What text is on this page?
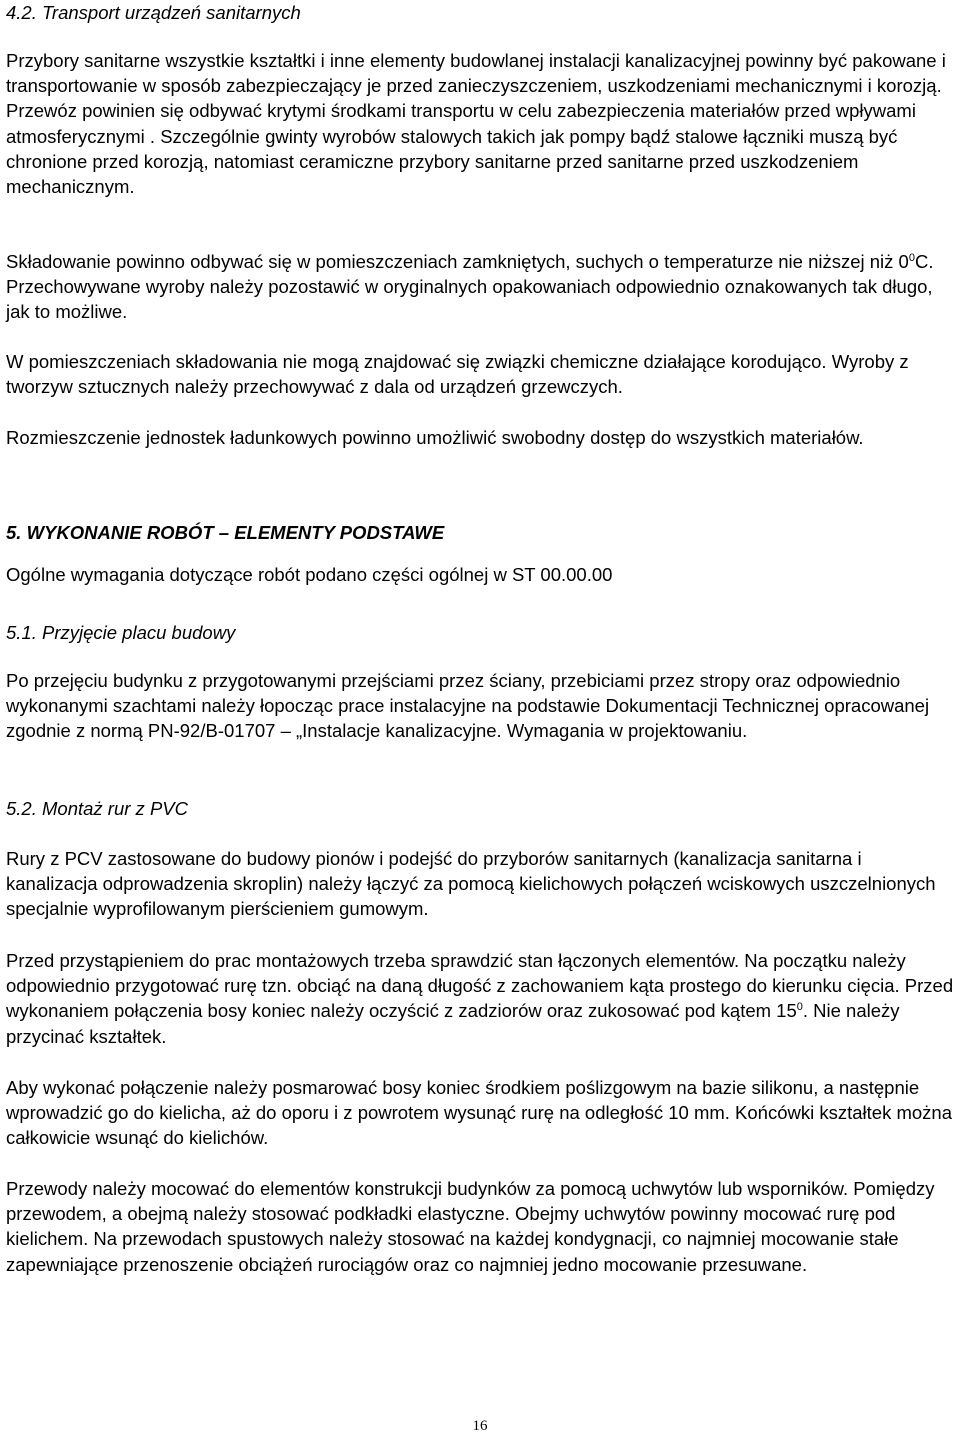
4.2. Transport urządzeń sanitarnych

Przybory sanitarne wszystkie kształtki i inne elementy budowlanej instalacji kanalizacyjnej powinny być pakowane i transportowanie w sposób zabezpieczający je przed zanieczyszczeniem, uszkodzeniami mechanicznymi i korozją. Przewóz powinien się odbywać krytymi środkami transportu w celu zabezpieczenia materiałów przed wpływami atmosferycznymi . Szczególnie gwinty wyrobów stalowych takich jak pompy bądź stalowe łączniki muszą być chronione przed korozją, natomiast ceramiczne przybory sanitarne przed sanitarne przed uszkodzeniem mechanicznym.

Składowanie powinno odbywać się w pomieszczeniach zamkniętych, suchych o temperaturze nie niższej niż $0^0C$. Przechowywane wyroby należy pozostawić w oryginalnych opakowaniach odpowiednio oznakowanych tak długo, jak to możliwe.

W pomieszczeniach składowania nie mogą znajdować się związki chemiczne działające korodująco. Wyroby z tworzyw sztucznych należy przechowywać z dala od urządzeń grzewczych.

Rozmieszczenie jednostek ładunkowych powinno umożliwić swobodny dostęp do wszystkich materiałów.

5. WYKONANIE ROBÓT – ELEMENTY PODSTAWE

Ogólne wymagania dotyczące robót podano części ogólnej w ST 00.00.00

5.1. Przyjęcie placu budowy

Po przejęciu budynku z przygotowanymi przejściami przez ściany, przebiciami przez stropy oraz odpowiednio wykonanymi szachtami należy łopocząc prace instalacyjne na podstawie Dokumentacji Technicznej opracowanej zgodnie z normą PN-92/B-01707 – „Instalacje kanalizacyjne. Wymagania w projektowaniu.

5.2. Montaż rur z PVC

Rury z PCV zastosowane do budowy pionów i podejść do przyborów sanitarnych (kanalizacja sanitarna i kanalizacja odprowadzenia skroplin) należy łączyć za pomocą kielichowych połączeń wciskowych uszczelnionych specjalnie wyprofilowanym pierścieniem gumowym.

Przed przystąpieniem do prac montażowych trzeba sprawdzić stan łączonych elementów. Na początku należy odpowiednio przygotować rurę tzn. obciąć na daną długość z zachowaniem kąta prostego do kierunku cięcia. Przed wykonaniem połączenia bosy koniec należy oczyścić z zadziorów oraz zukosować pod kątem $15^0$. Nie należy przycinać kształtek.

Aby wykonać połączenie należy posmarować bosy koniec środkiem poślizgowym na bazie silikonu, a następnie wprowadzić go do kielicha, aż do oporu i z powrotem wysunąć rurę na odległość 10 mm. Końcówki kształtek można całkowicie wsunąć do kielichów.

Przewody należy mocować do elementów konstrukcji budynków za pomocą uchwytów lub wsporników. Pomiędzy przewodem, a obejmą należy stosować podkładki elastyczne. Obejmy uchwytów powinny mocować rurę pod kielichem. Na przewodach spustowych należy stosować na każdej kondygnacji, co najmniej mocowanie stałe zapewniające przenoszenie obciążeń rurociągów oraz co najmniej jedno mocowanie przesuwane.

16
